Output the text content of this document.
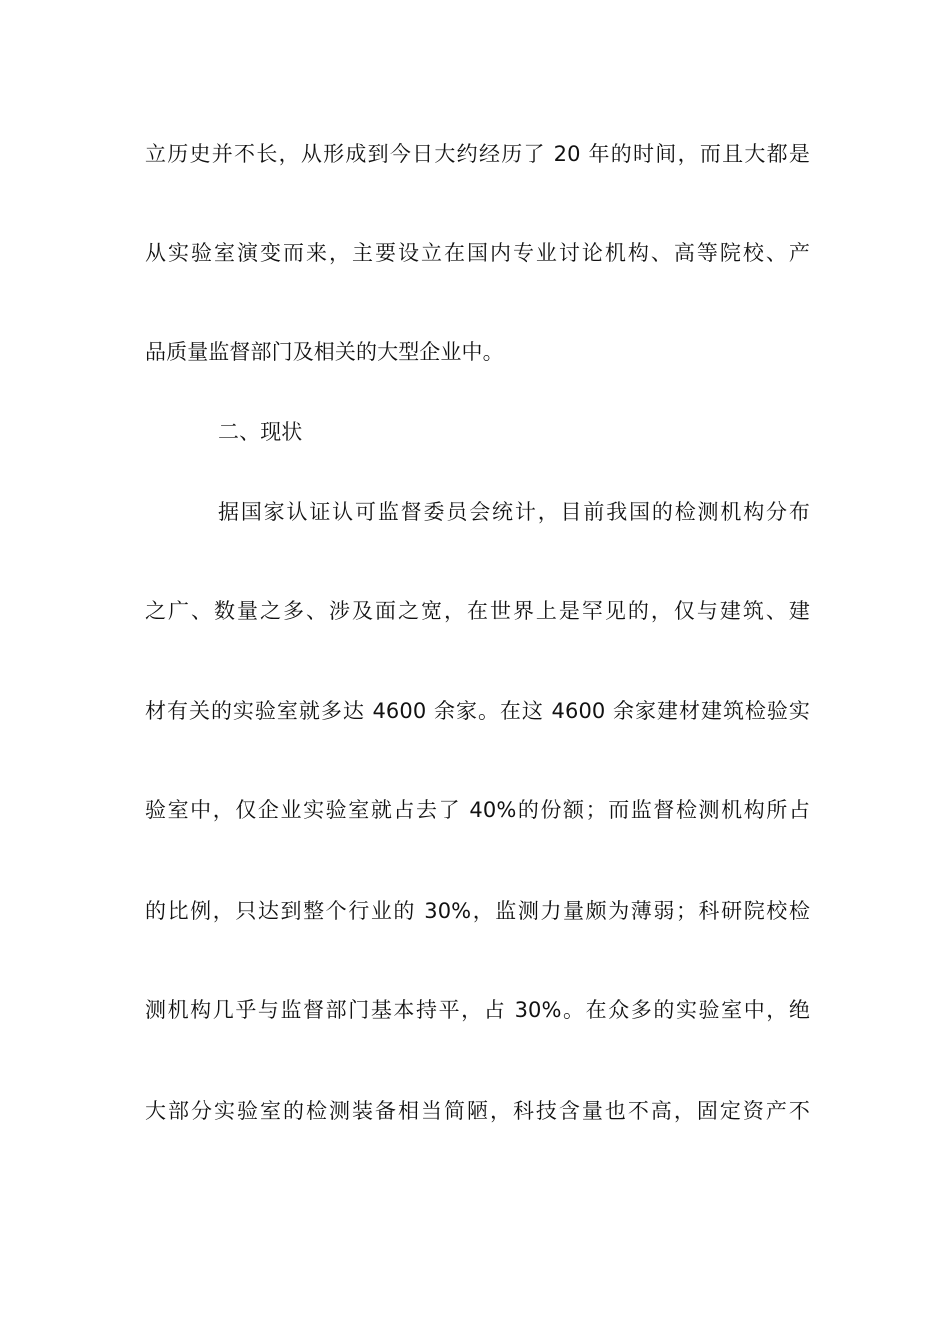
立历史并不长，从形成到今日大约经历了 20 年的时间，而且大都是
从实验室演变而来，主要设立在国内专业讨论机构、高等院校、产
品质量监督部门及相关的大型企业中。
二、现状
据国家认证认可监督委员会统计，目前我国的检测机构分布
之广、数量之多、涉及面之宽，在世界上是罕见的，仅与建筑、建
材有关的实验室就多达 4600 余家。在这 4600 余家建材建筑检验实
验室中，仅企业实验室就占去了 40%的份额；而监督检测机构所占
的比例，只达到整个行业的 30%，监测力量颇为薄弱；科研院校检
测机构几乎与监督部门基本持平，占 30%。在众多的实验室中，绝
大部分实验室的检测装备相当简陋，科技含量也不高，固定资产不
